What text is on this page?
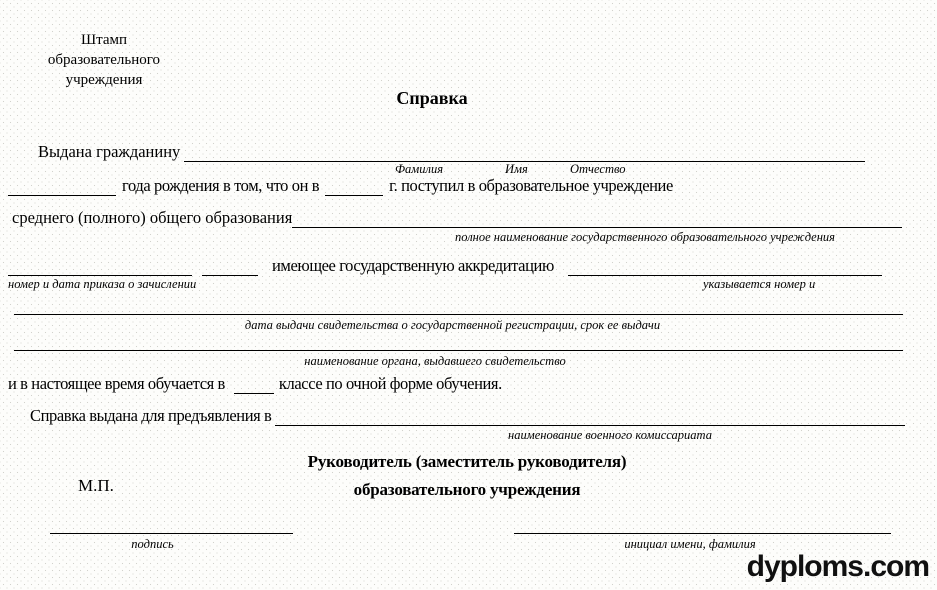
Штамп
образовательного
учреждения
Справка
Выдана гражданину
Фамилия	Имя	Отчество
года рождения в том, что он в	г. поступил в образовательное учреждение
среднего (полного) общего образования
полное наименование государственного образовательного учреждения
имеющее государственную аккредитацию
номер и дата приказа о зачислении	указывается номер и
дата выдачи свидетельства о государственной регистрации, срок ее выдачи
наименование органа, выдавшего свидетельство
и в настоящее время обучается в	классе по очной форме обучения.
Справка выдана для предъявления в
наименование военного комиссариата
Руководитель (заместитель руководителя)
образовательного учреждения
М.П.
подпись	инициал имени, фамилия
dyploms.com
